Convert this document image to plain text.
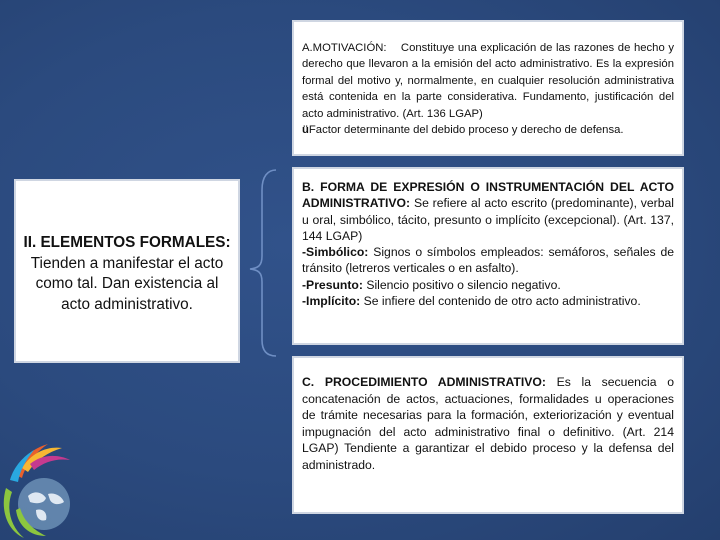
II. ELEMENTOS FORMALES:
Tienden a manifestar el acto como tal. Dan existencia al acto administrativo.
A.MOTIVACIÓN: Constituye una explicación de las razones de hecho y derecho que llevaron a la emisión del acto administrativo. Es la expresión formal del motivo y, normalmente, en cualquier resolución administrativa está contenida en la parte considerativa. Fundamento, justificación del acto administrativo. (Art. 136 LGAP)
üFactor determinante del debido proceso y derecho de defensa.
B. FORMA DE EXPRESIÓN O INSTRUMENTACIÓN DEL ACTO ADMINISTRATIVO: Se refiere al acto escrito (predominante), verbal u oral, simbólico, tácito, presunto o implícito (excepcional). (Art. 137, 144 LGAP)
-Simbólico: Signos o símbolos empleados: semáforos, señales de tránsito (letreros verticales o en asfalto).
-Presunto: Silencio positivo o silencio negativo.
-Implícito: Se infiere del contenido de otro acto administrativo.
C. PROCEDIMIENTO ADMINISTRATIVO: Es la secuencia o concatenación de actos, actuaciones, formalidades u operaciones de trámite necesarias para la formación, exteriorización y eventual impugnación del acto administrativo final o definitivo. (Art. 214 LGAP) Tendiente a garantizar el debido proceso y la defensa del administrado.
